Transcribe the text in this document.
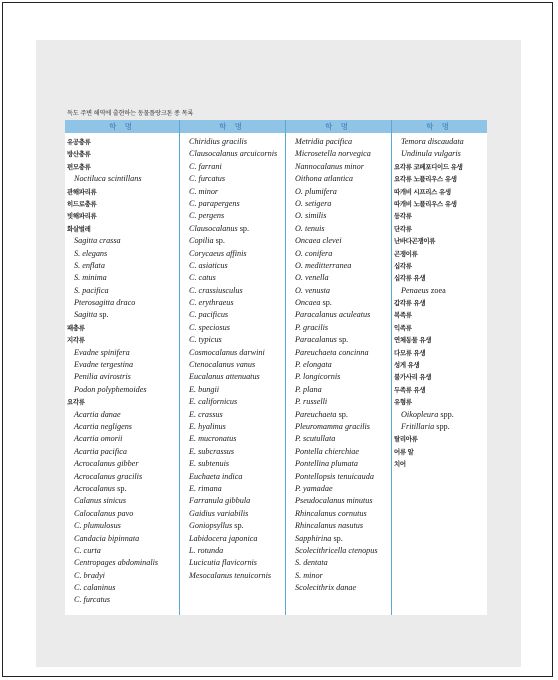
독도 주변 해역에 출현하는 동물플랑크톤 종 목록
학 명	학 명	학 명	학 명
유공충류
방산충류
편모충류
Noctiluca scintillans
관해파리류
히드로충류
빗해파리류
화살벌레
Sagitta crassa
S. elegans
S. enflata
S. minima
S. pacifica
Pterosagitta draco
Sagitta sp.
패충류
지각류
Evadne spinifera
Evadne tergestina
Penilia avirostris
Podon polyphemoides
요각류
Acartia danae
Acartia negligens
Acartia omorii
Acartia pacifica
Acrocalanus gibber
Acrocalanus gracilis
Acrocalanus sp.
Calanus sinicus
Calocalanus pavo
C. plumulosus
Candacia bipinnata
C. curta
Centropages abdominalis
C. bradyi
C. calaninus
C. furcatus
Chiridius gracilis
Clausocalanus arcuicornis
C. farrani
C. furcatus
C. minor
C. parapergens
C. pergens
Clausocalanus sp.
Copilia sp.
Corycaeus affinis
C. asiaticus
C. catus
C. crassiusculus
C. erythraeus
C. pacificus
C. speciosus
C. typicus
Cosmocalanus darwini
Ctenocalanus vanus
Eucalanus attenuatus
E. bungii
E. californicus
E. crassus
E. hyalinus
E. mucronatus
E. subcrassus
E. subtenuis
Euchaeta indica
E. rimana
Farranula gibbula
Gaidius variabilis
Goniopsyllus sp.
Labidocera japonica
L. rotunda
Lucicutia flavicornis
Mesocalanus tenuicornis
Metridia pacifica
Microsetella norvegica
Nannocalanus minor
Oithona atlantica
O. plumifera
O. setigera
O. similis
O. tenuis
Oncaea clevei
O. conifera
O. meditterranea
O. venella
O. venusta
Oncaea sp.
Paracalanus aculeatus
P. gracilis
Paracalanus sp.
Pareuchaeta concinna
P. elongata
P. longicornis
P. plana
P. russelli
Pareuchaeta sp.
Pleuromamma gracilis
P. scutullata
Pontella chierchiae
Pontellina plumata
Pontellopsis tenuicauda
P. yamadae
Pseudocalanus minutus
Rhincalanus cornutus
Rhincalanus nasutus
Sapphirina sp.
Scolecithricella ctenopus
S. dentata
S. minor
Scolecithrix danae
Temora discaudata
Undinula vulgaris
요각류 코페포디이드 유생
요각류 노플리우스 유생
따개비 시프리스 유생
따개비 노플리우스 유생
등각류
단각류
난바다곤쟁이류
곤쟁이류
십각류
십각류 유생
Penaeus zoea
갑각류 유생
복족류
익족류
연체동물 유생
다모류 유생
성게 유생
불가사리 유생
두족류 유생
유형류
Oikopleura spp.
Fritillaria spp.
탈리아류
어류 알
치어
